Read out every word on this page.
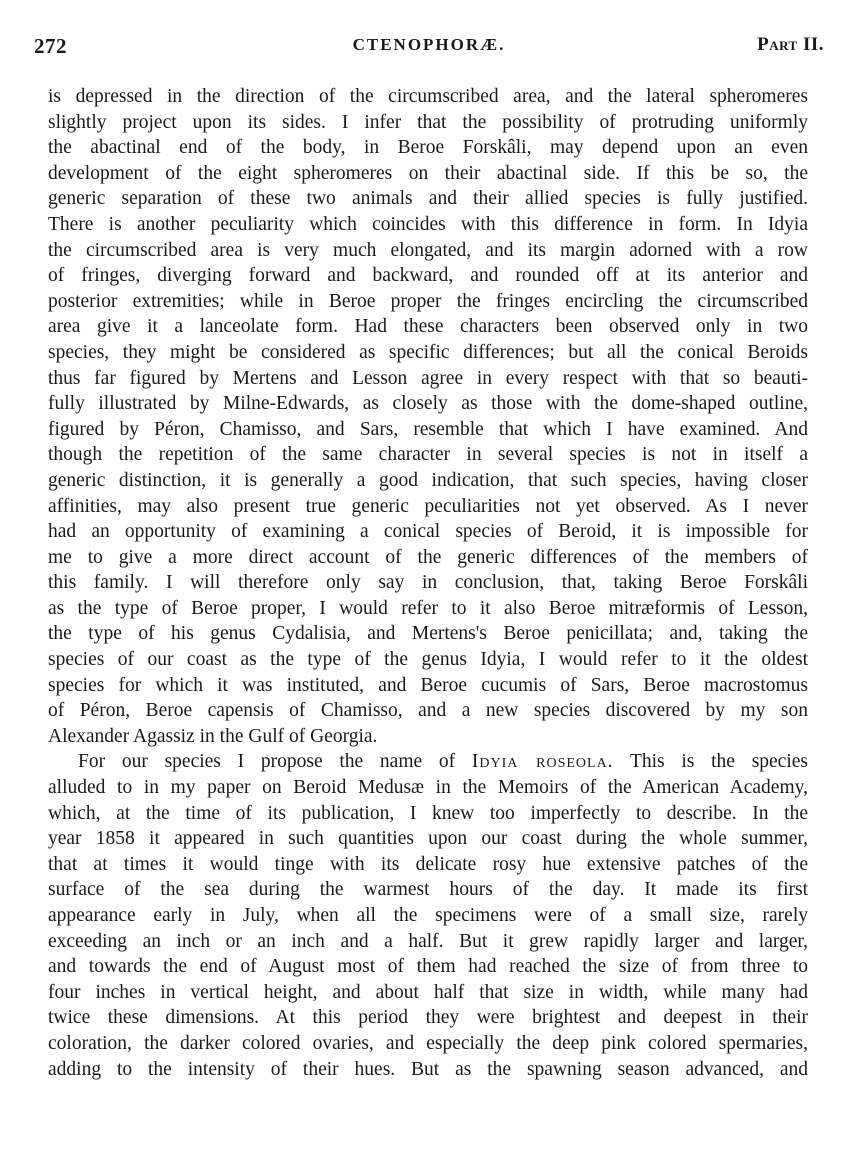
272	CTENOPHORÆ.	Part II.
is depressed in the direction of the circumscribed area, and the lateral spheromeres
slightly project upon its sides. I infer that the possibility of protruding uniformly
the abactinal end of the body, in Beroe Forskâli, may depend upon an even
development of the eight spheromeres on their abactinal side. If this be so, the
generic separation of these two animals and their allied species is fully justified.
There is another peculiarity which coincides with this difference in form. In Idyia
the circumscribed area is very much elongated, and its margin adorned with a row
of fringes, diverging forward and backward, and rounded off at its anterior and
posterior extremities; while in Beroe proper the fringes encircling the circumscribed
area give it a lanceolate form. Had these characters been observed only in two
species, they might be considered as specific differences; but all the conical Beroids
thus far figured by Mertens and Lesson agree in every respect with that so beauti-
fully illustrated by Milne-Edwards, as closely as those with the dome-shaped outline,
figured by Péron, Chamisso, and Sars, resemble that which I have examined. And
though the repetition of the same character in several species is not in itself a
generic distinction, it is generally a good indication, that such species, having closer
affinities, may also present true generic peculiarities not yet observed. As I never
had an opportunity of examining a conical species of Beroid, it is impossible for
me to give a more direct account of the generic differences of the members of
this family. I will therefore only say in conclusion, that, taking Beroe Forskâli
as the type of Beroe proper, I would refer to it also Beroe mitræformis of Lesson,
the type of his genus Cydalisia, and Mertens's Beroe penicillata; and, taking the
species of our coast as the type of the genus Idyia, I would refer to it the oldest
species for which it was instituted, and Beroe cucumis of Sars, Beroe macrostomus
of Péron, Beroe capensis of Chamisso, and a new species discovered by my son
Alexander Agassiz in the Gulf of Georgia.
For our species I propose the name of Idyia roseola. This is the species
alluded to in my paper on Beroid Medusæ in the Memoirs of the American Academy,
which, at the time of its publication, I knew too imperfectly to describe. In the
year 1858 it appeared in such quantities upon our coast during the whole summer,
that at times it would tinge with its delicate rosy hue extensive patches of the
surface of the sea during the warmest hours of the day. It made its first
appearance early in July, when all the specimens were of a small size, rarely
exceeding an inch or an inch and a half. But it grew rapidly larger and larger,
and towards the end of August most of them had reached the size of from three to
four inches in vertical height, and about half that size in width, while many had
twice these dimensions. At this period they were brightest and deepest in their
coloration, the darker colored ovaries, and especially the deep pink colored spermaries,
adding to the intensity of their hues. But as the spawning season advanced, and
